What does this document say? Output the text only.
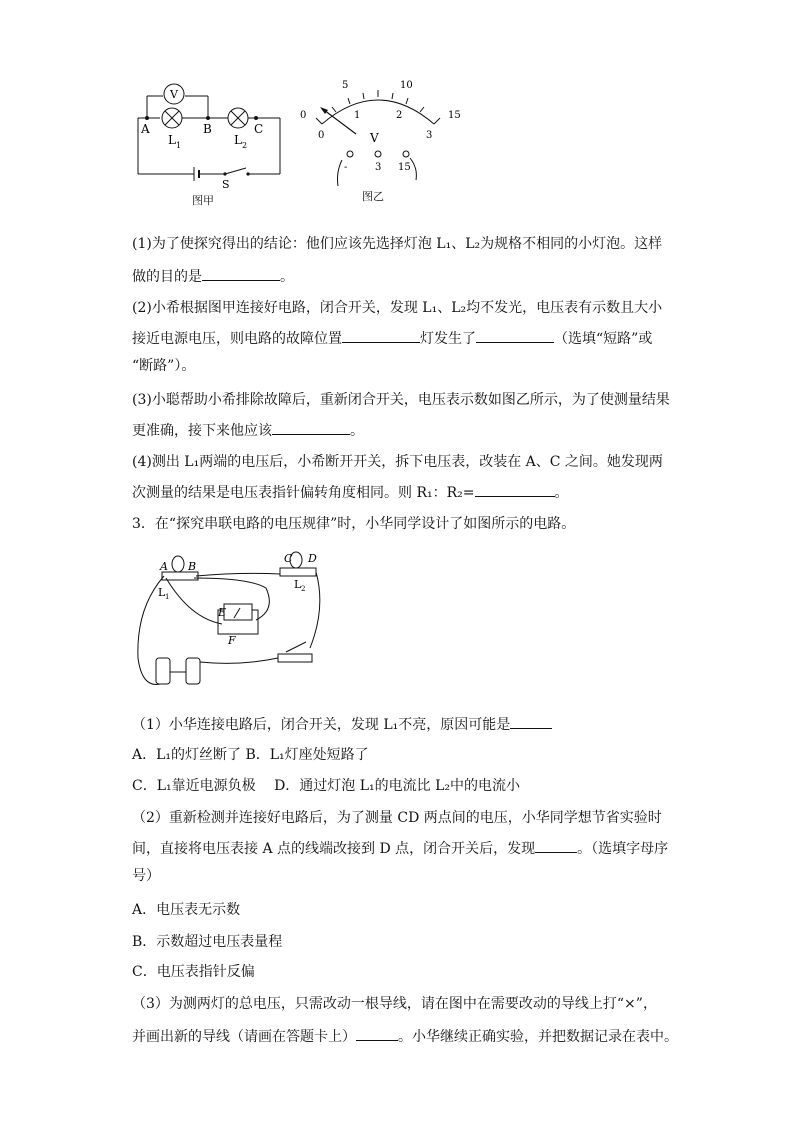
V
A	B	C
L 1	L 2
S
图甲
0
5	10
15
0
1	2
3
V
-	3 15
图乙
(1)为了使探究得出的结论：他们应该先选择灯泡 L₁、L₂为规格不相同的小灯泡。这样
做的目的是	。
(2)小希根据图甲连接好电路，闭合开关，发现 L₁、L₂均不发光，电压表有示数且大小
接近电源电压，则电路的故障位置	灯发生了	（选填“短路”或
“断路”）。
(3)小聪帮助小希排除故障后，重新闭合开关，电压表示数如图乙所示，为了使测量结果
更准确，接下来他应该	。
(4)测出 L₁两端的电压后，小希断开开关，拆下电压表，改装在 A、C 之间。她发现两
次测量的结果是电压表指针偏转角度相同。则 R₁：R₂=	。
3．在“探究串联电路的电压规律”时，小华同学设计了如图所示的电路。
A B
C D
E
F
L 1
L 2
（1）小华连接电路后，闭合开关，发现 L₁不亮，原因可能是
A．L₁的灯丝断了 B．L₁灯座处短路了
C．L₁靠近电源负极　 D．通过灯泡 L₁的电流比 L₂中的电流小
（2）重新检测并连接好电路后，为了测量 CD 两点间的电压，小华同学想节省实验时
间，直接将电压表接 A 点的线端改接到 D 点，闭合开关后，发现	。（选填字母序
号）
A．电压表无示数
B．示数超过电压表量程
C．电压表指针反偏
（3）为测两灯的总电压，只需改动一根导线，请在图中在需要改动的导线上打“×”，
并画出新的导线（请画在答题卡上）	。小华继续正确实验，并把数据记录在表中。
